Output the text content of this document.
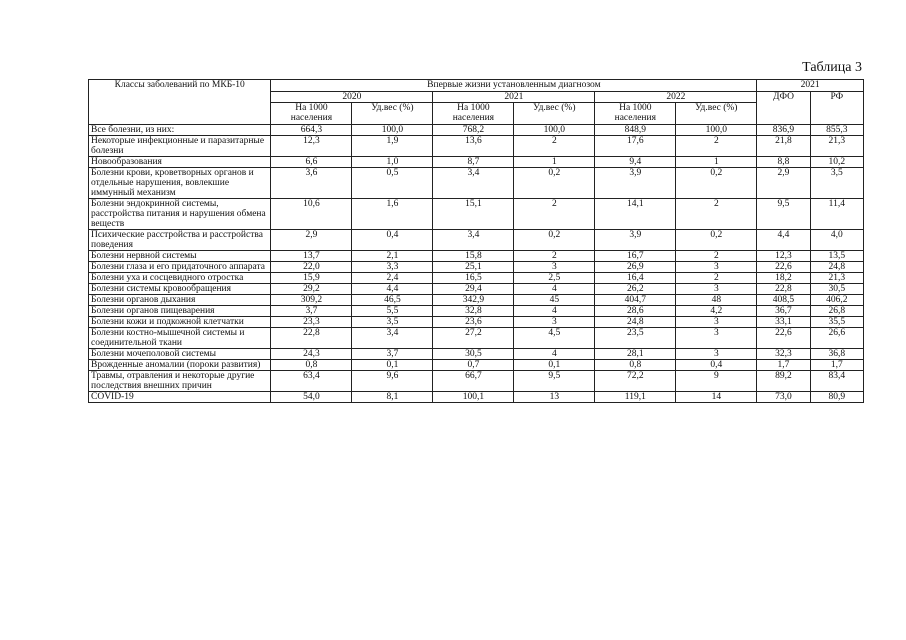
Таблица 3
Классы заболеваний по МКБ-10	Впервые жизни установленным диагнозом						2021	
	2020		2021		2022		ДФО	РФ
	На 1000 населения	Уд.вес (%)	На 1000 населения	Уд.вес (%)	На 1000 населения	Уд.вес (%)		
Все болезни, из них:	664,3	100,0	768,2	100,0	848,9	100,0	836,9	855,3
Некоторые инфекционные и паразитарные болезни	12,3	1,9	13,6	2	17,6	2	21,8	21,3
Новообразования	6,6	1,0	8,7	1	9,4	1	8,8	10,2
Болезни крови, кроветворных органов и отдельные нарушения, вовлекшие иммунный механизм	3,6	0,5	3,4	0,2	3,9	0,2	2,9	3,5
Болезни эндокринной системы, расстройства питания и нарушения обмена веществ	10,6	1,6	15,1	2	14,1	2	9,5	11,4
Психические расстройства и расстройства поведения	2,9	0,4	3,4	0,2	3,9	0,2	4,4	4,0
Болезни нервной системы	13,7	2,1	15,8	2	16,7	2	12,3	13,5
Болезни глаза и его придаточного аппарата	22,0	3,3	25,1	3	26,9	3	22,6	24,8
Болезни уха и сосцевидного отростка	15,9	2,4	16,5	2,5	16,4	2	18,2	21,3
Болезни системы кровообращения	29,2	4,4	29,4	4	26,2	3	22,8	30,5
Болезни органов дыхания	309,2	46,5	342,9	45	404,7	48	408,5	406,2
Болезни органов пищеварения	3,7	5,5	32,8	4	28,6	4,2	36,7	26,8
Болезни кожи и подкожной клетчатки	23,3	3,5	23,6	3	24,8	3	33,1	35,5
Болезни костно-мышечной системы и соединительной ткани	22,8	3,4	27,2	4,5	23,5	3	22,6	26,6
Болезни мочеполовой системы	24,3	3,7	30,5	4	28,1	3	32,3	36,8
Врожденные аномалии (пороки развития)	0,8	0,1	0,7	0,1	0,8	0,4	1,7	1,7
Травмы, отравления и некоторые другие последствия внешних причин	63,4	9,6	66,7	9,5	72,2	9	89,2	83,4
COVID-19	54,0	8,1	100,1	13	119,1	14	73,0	80,9
